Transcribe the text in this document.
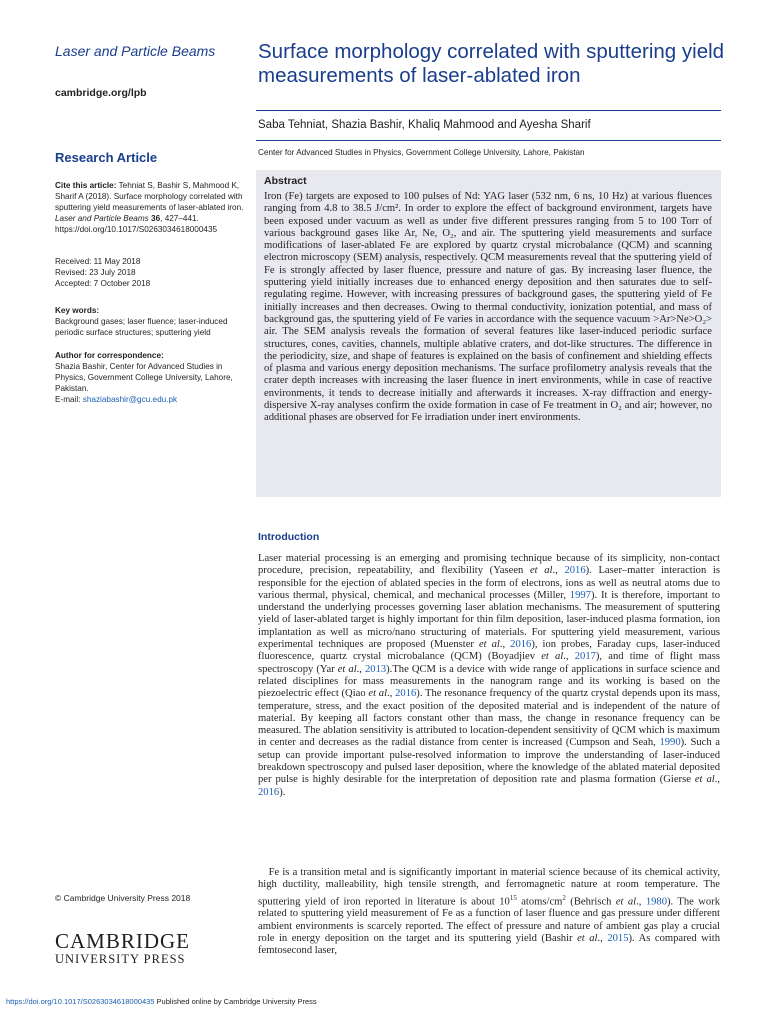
Laser and Particle Beams
cambridge.org/lpb
Research Article
Cite this article: Tehniat S, Bashir S, Mahmood K, Sharif A (2018). Surface morphology correlated with sputtering yield measurements of laser-ablated iron. Laser and Particle Beams 36, 427–441. https://doi.org/10.1017/S0263034618000435
Received: 11 May 2018
Revised: 23 July 2018
Accepted: 7 October 2018
Key words:
Background gases; laser fluence; laser-induced periodic surface structures; sputtering yield
Author for correspondence:
Shazia Bashir, Center for Advanced Studies in Physics, Government College University, Lahore, Pakistan.
E-mail: shaziabashir@gcu.edu.pk
© Cambridge University Press 2018
CAMBRIDGE
UNIVERSITY PRESS
Surface morphology correlated with sputtering yield measurements of laser-ablated iron
Saba Tehniat, Shazia Bashir, Khaliq Mahmood and Ayesha Sharif
Center for Advanced Studies in Physics, Government College University, Lahore, Pakistan
Abstract
Iron (Fe) targets are exposed to 100 pulses of Nd: YAG laser (532 nm, 6 ns, 10 Hz) at various fluences ranging from 4.8 to 38.5 J/cm². In order to explore the effect of background environment, targets have been exposed under vacuum as well as under five different pressures ranging from 5 to 100 Torr of various background gases like Ar, Ne, O₂, and air. The sputtering yield measurements and surface modifications of laser-ablated Fe are explored by quartz crystal microbalance (QCM) and scanning electron microscopy (SEM) analysis, respectively. QCM measurements reveal that the sputtering yield of Fe is strongly affected by laser fluence, pressure and nature of gas. By increasing laser fluence, the sputtering yield initially increases due to enhanced energy deposition and then saturates due to self-regulating regime. However, with increasing pressures of background gases, the sputtering yield of Fe initially increases and then decreases. Owing to thermal conductivity, ionization potential, and mass of background gas, the sputtering yield of Fe varies in accordance with the sequence vacuum >Ar>Ne>O₂> air. The SEM analysis reveals the formation of several features like laser-induced periodic surface structures, cones, cavities, channels, multiple ablative craters, and dot-like structures. The difference in the periodicity, size, and shape of features is explained on the basis of confinement and shielding effects of plasma and various energy deposition mechanisms. The surface profilometry analysis reveals that the crater depth increases with increasing the laser fluence in inert environments, while in case of reactive environments, it tends to decrease initially and afterwards it increases. X-ray diffraction and energy-dispersive X-ray analyses confirm the oxide formation in case of Fe treatment in O₂ and air; however, no additional phases are observed for Fe irradiation under inert environments.
Introduction
Laser material processing is an emerging and promising technique because of its simplicity, non-contact procedure, precision, repeatability, and flexibility (Yaseen et al., 2016). Laser–matter interaction is responsible for the ejection of ablated species in the form of electrons, ions as well as neutral atoms due to various thermal, physical, chemical, and mechanical processes (Miller, 1997). It is therefore, important to understand the underlying processes governing laser ablation mechanisms. The measurement of sputtering yield of laser-ablated target is highly important for thin film deposition, laser-induced plasma formation, ion implantation as well as micro/nano structuring of materials. For sputtering yield measurement, various experimental techniques are proposed (Muenster et al., 2016), ion probes, Faraday cups, laser-induced fluorescence, quartz crystal microbalance (QCM) (Boyadjiev et al., 2017), and time of flight mass spectroscopy (Yar et al., 2013).The QCM is a device with wide range of applications in surface science and related disciplines for mass measurements in the nanogram range and its working is based on the piezoelectric effect (Qiao et al., 2016). The resonance frequency of the quartz crystal depends upon its mass, temperature, stress, and the exact position of the deposited material and is independent of the nature of material. By keeping all factors constant other than mass, the change in resonance frequency can be measured. The ablation sensitivity is attributed to location-dependent sensitivity of QCM which is maximum in center and decreases as the radial distance from center is increased (Cumpson and Seah, 1990). Such a setup can provide important pulse-resolved information to improve the understanding of laser-induced breakdown spectroscopy and pulsed laser deposition, where the knowledge of the ablated material deposited per pulse is highly desirable for the interpretation of deposition rate and plasma formation (Gierse et al., 2016).
 Fe is a transition metal and is significantly important in material science because of its chemical activity, high ductility, malleability, high tensile strength, and ferromagnetic nature at room temperature. The sputtering yield of iron reported in literature is about $10^{15}$ atoms/$cm^2$ (Behrisch et al., 1980). The work related to sputtering yield measurement of Fe as a function of laser fluence and gas pressure under different ambient environments is scarcely reported. The effect of pressure and nature of ambient gas play a crucial role in energy deposition on the target and its sputtering yield (Bashir et al., 2015). As compared with femtosecond laser,
https://doi.org/10.1017/S0263034618000435 Published online by Cambridge University Press
